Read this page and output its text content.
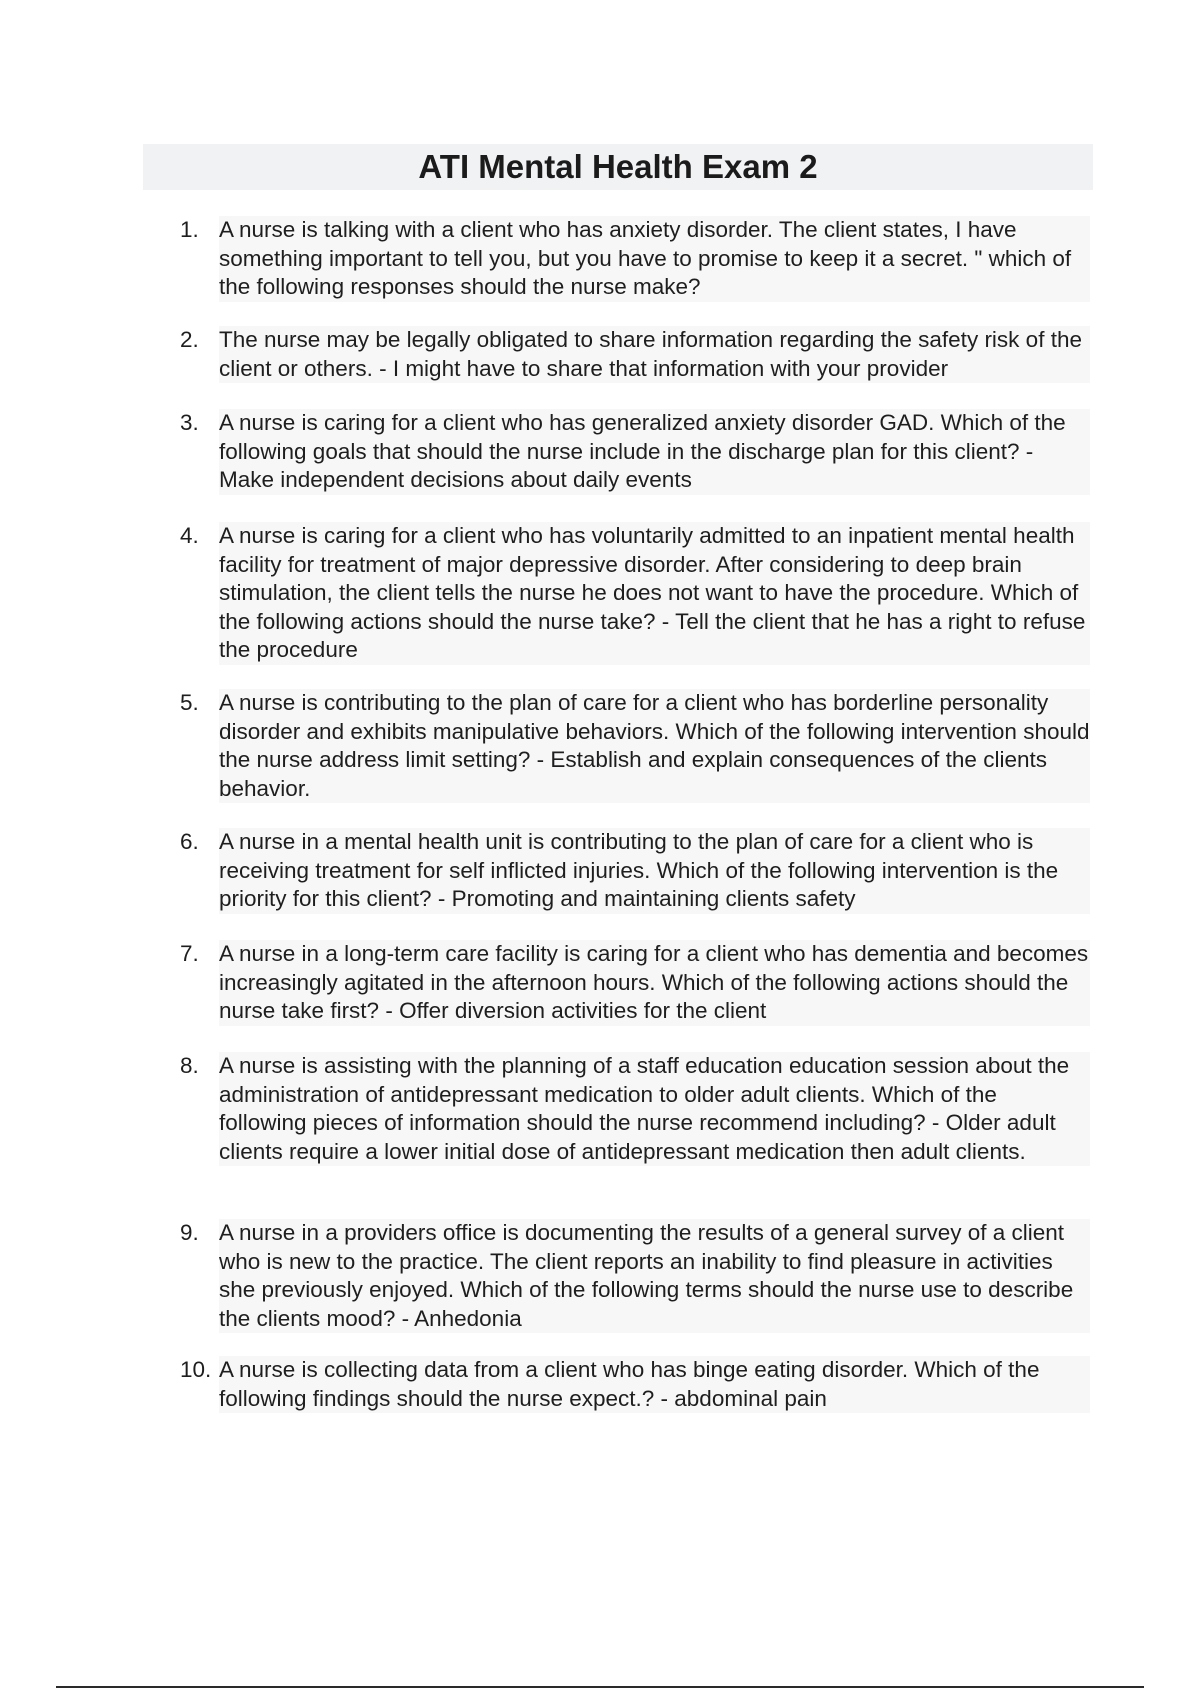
ATI Mental Health Exam 2
1. A nurse is talking with a client who has anxiety disorder. The client states, I have something important to tell you, but you have to promise to keep it a secret. " which of the following responses should the nurse make?
2. The nurse may be legally obligated to share information regarding the safety risk of the client or others. - I might have to share that information with your provider
3. A nurse is caring for a client who has generalized anxiety disorder GAD. Which of the following goals that should the nurse include in the discharge plan for this client? - Make independent decisions about daily events
4. A nurse is caring for a client who has voluntarily admitted to an inpatient mental health facility for treatment of major depressive disorder. After considering to deep brain stimulation, the client tells the nurse he does not want to have the procedure. Which of the following actions should the nurse take? - Tell the client that he has a right to refuse the procedure
5. A nurse is contributing to the plan of care for a client who has borderline personality disorder and exhibits manipulative behaviors. Which of the following intervention should the nurse address limit setting? - Establish and explain consequences of the clients behavior.
6. A nurse in a mental health unit is contributing to the plan of care for a client who is receiving treatment for self inflicted injuries. Which of the following intervention is the priority for this client? - Promoting and maintaining clients safety
7. A nurse in a long-term care facility is caring for a client who has dementia and becomes increasingly agitated in the afternoon hours. Which of the following actions should the nurse take first? - Offer diversion activities for the client
8. A nurse is assisting with the planning of a staff education education session about the administration of antidepressant medication to older adult clients. Which of the following pieces of information should the nurse recommend including? - Older adult clients require a lower initial dose of antidepressant medication then adult clients.
9. A nurse in a providers office is documenting the results of a general survey of a client who is new to the practice. The client reports an inability to find pleasure in activities she previously enjoyed. Which of the following terms should the nurse use to describe the clients mood? - Anhedonia
10. A nurse is collecting data from a client who has binge eating disorder. Which of the following findings should the nurse expect.? - abdominal pain
